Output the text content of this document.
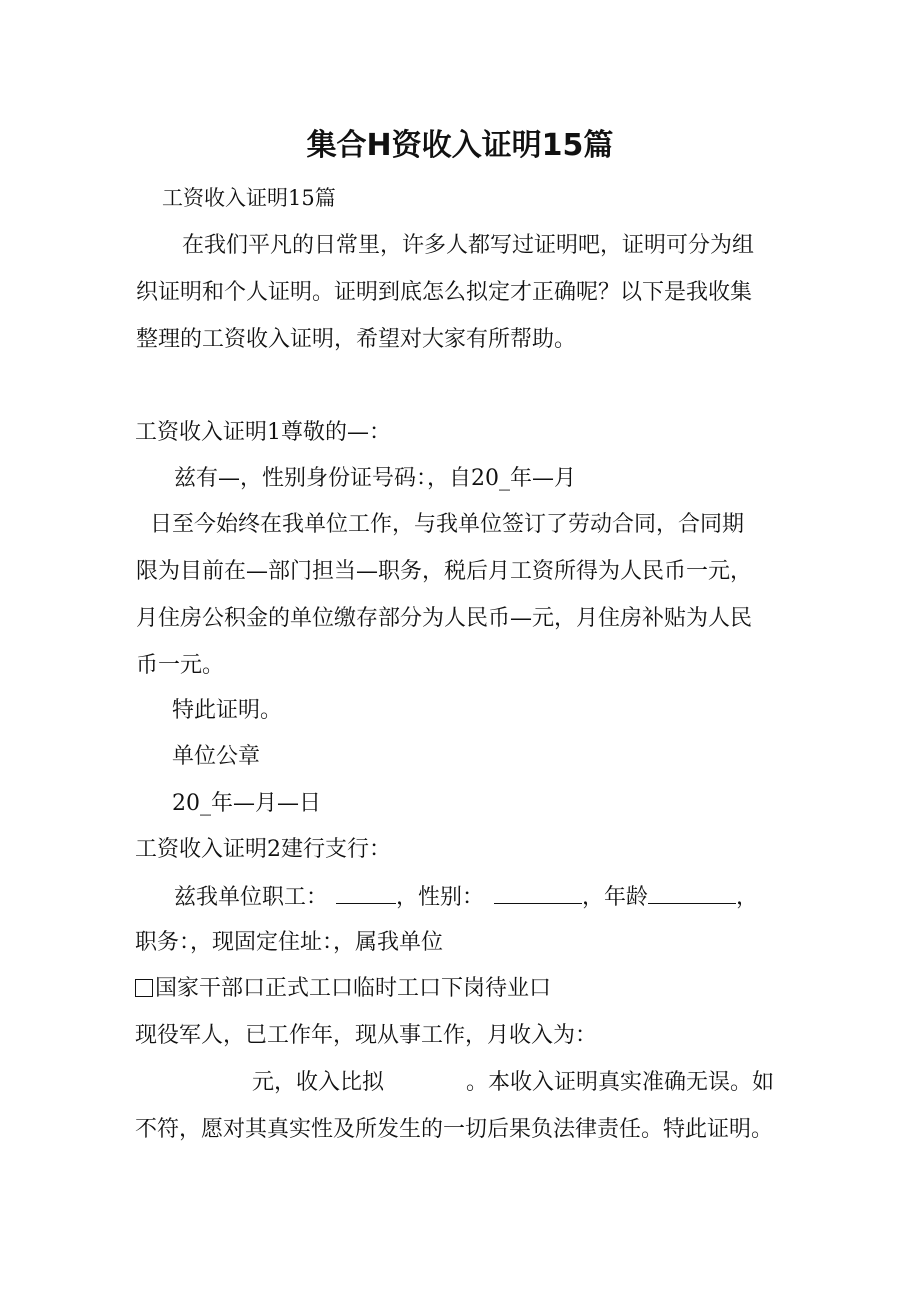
集合H资收入证明15篇
工资收入证明15篇
在我们平凡的日常里，许多人都写过证明吧，证明可分为组
织证明和个人证明。证明到底怎么拟定才正确呢？以下是我收集
整理的工资收入证明，希望对大家有所帮助。
工资收入证明1尊敬的—：
兹有—，性别身份证号码：，自20_年—月
日至今始终在我单位工作，与我单位签订了劳动合同，合同期
限为目前在—部门担当—职务，税后月工资所得为人民币一元，
月住房公积金的单位缴存部分为人民币—元，月住房补贴为人民
币一元。
特此证明。
单位公章
20_年—月—日
工资收入证明2建行支行：
兹我单位职工：	，性别：	，年龄	，
职务：，现固定住址：，属我单位
国家干部口正式工口临时工口下岗待业口
现役军人，已工作年，现从事工作，月收入为：
元，收入比拟	。本收入证明真实准确无误。如
不符，愿对其真实性及所发生的一切后果负法律责任。特此证明。
